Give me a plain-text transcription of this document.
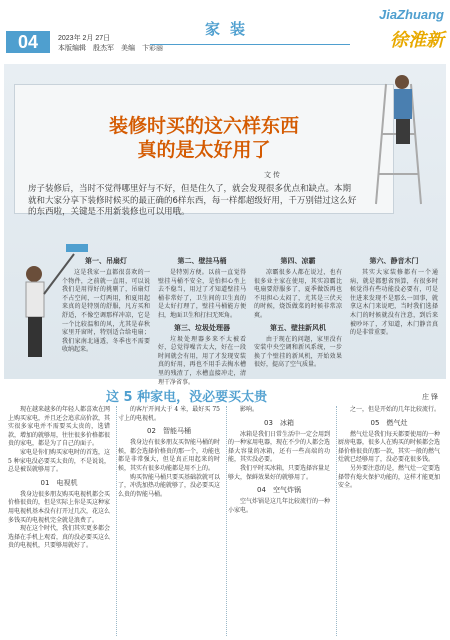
04	2023年 2月 27日
本版编辑　殷杰军　美编　卞彩丽
家装
JiaZhuang
徐淮新
装修时买的这六样东西
真的是太好用了
文 传
房子装修后，当时不觉得哪里好与不好，但是住久了，就会发现很多优点和缺点。本期就和大家分享下装修时候买的最正确的6样东西，每一样都超级好用，千万别错过这么好的东西啦，关键是不用新装修也可以用哦。
第一、吊扇灯

这是我家一直都很喜欢的一个物件，之前就一直用，可以说我们是用得好的挑剔了，吊扇灯不占空间，一灯两用，和夏用起来真的是特别的舒服，凡方买和舒适，不像空调那样冲凉，它是一个比较温和的风，尤其是春秋家里开窗时，特别适合给电扇；我们家南北通透，冬季也不需要收纳起来。

第二、壁挂马桶

是特别方便。以前一直觉得壁挂马桶不安全，是怕担心坐上去不稳当，用过了才知道壁挂马桶非常好了，卫生间的卫生真的是太好打理了，壁挂马桶能方便扫，地面卫生和打扫无死角。

第三、垃圾处理器

垃圾处理器多来不太被看好，总觉得噪音太大，好在一段时间就会有用，用了才发现安装真的好用，再也不用手去掏水槽里的残渣了，水槽直接冲走，清理干净省事。

第四、凉霸

凉霸很多人都在说过，也有很多业主家在使用，其实凉霸比电扇要舒服多了，夏季做饭再也不用担心太闷了，尤其是三伏天的时候，烧饭做菜的时候非常凉爽。

第五、壁挂新风机

由于现在的问题，家里没有安装中央空调和新风系统，一步换了个壁挂的新风机，开始效果很好，提高了空气质量。

第六、静音木门

其实大家装修都有一个通病，就是都想省预算，有很多时候觉得有些功能没必要有，可是住进来发现不是那么一回事，就拿这木门来说吧，当时我们选择木门的时候就没有注意，到后来被吵坏了，才知道，木门静音真的是非常重要。

这 5 种家电，没必要买太贵	庄 锋

现在越来越多的年轻人都喜欢在网上购买家电，并且还会追求高价款，其实很多家电并不需要买太贵的，选错款，增加的就够用，往往很多价格都很贵的家电，都是为了自己的面子。

家电是你们购买家电时的首选，这 5 种家电没必要买太贵的，不是说说，总是被误就够用了。

01　电视机

我身边很多朋友购买电视机都会买价格很贵的，但是实际上你是买这种家用电视机基本没有打开过几次，花这么多钱买的电视机完全就是浪费了。

现在这个时代，我们其实更多都会选择在手机上观看，真的没必要买这么贵的电视机，只要够用就好了。

的客厅开间大于 4 米，最好买 75 寸上的电视机。

02　智能马桶

我身边有很多朋友买智能马桶的时候，都会选择价格贵的那一个，功能也都是非常强大，但是真正用起来的时候，其实有很多功能都是用不上的。

购买智能马桶只要买基础款就可以了，冲洗加热功能就够了，没必要买这么贵的智能马桶。

影响。

03　冰箱

冰箱是我们日常生活中一定会用到的一种家用电器，现在不少的人都会选择大容量的冰箱，还有一些高端的功能，其实没必要。

我们平时买冰箱，只要选择容量足够大，保鲜效果好的就够用了。

04　空气炸锅

空气炸锅是这几年比较流行的一种小家电。

之一，但是开始的几年比较流行。

05　燃气灶

燃气灶是我们每天都要使用的一种厨房电器，很多人在购买的时候都会选择价格很贵的那一款，其实一般的燃气灶就已经够用了，没必要花很多钱。

另外要注意的是，燃气灶一定要选择带有熄火保护功能的，这样才能更加安全。
